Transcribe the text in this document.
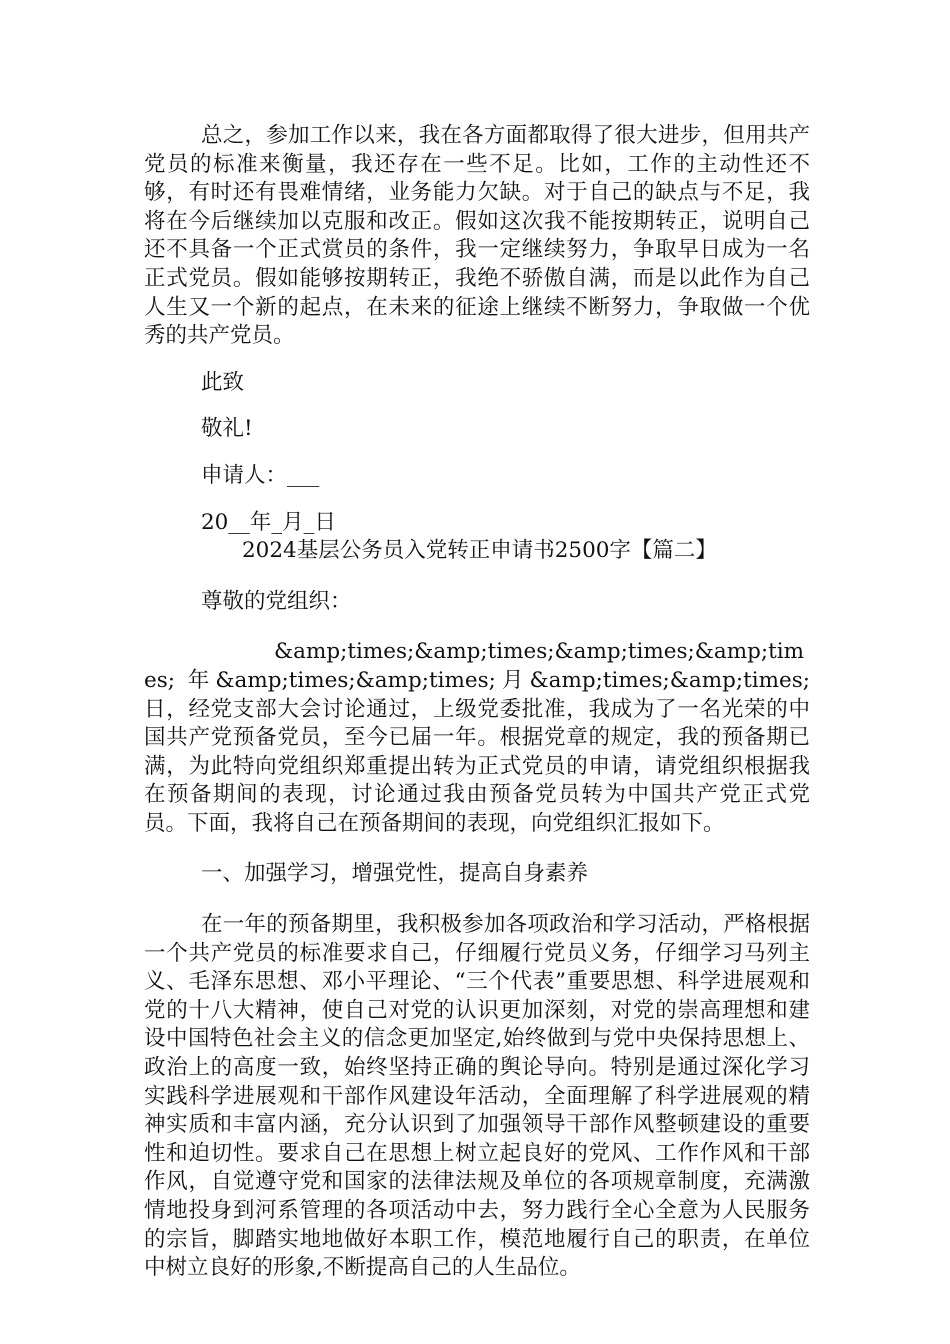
总之，参加工作以来，我在各方面都取得了很大进步，但用共产党员的标准来衡量，我还存在一些不足。比如，工作的主动性还不够，有时还有畏难情绪，业务能力欠缺。对于自己的缺点与不足，我将在今后继续加以克服和改正。假如这次我不能按期转正，说明自己还不具备一个正式赏员的条件，我一定继续努力，争取早日成为一名正式党员。假如能够按期转正，我绝不骄傲自满，而是以此作为自己人生又一个新的起点，在未来的征途上继续不断努力，争取做一个优秀的共产党员。

此致

敬礼!

申请人：___

20__年_月_日

2024基层公务员入党转正申请书2500字【篇二】

尊敬的党组织：

&amp;times;&amp;times;&amp;times;&amp;times; 年&amp;times;&amp;times;月&amp;times;&amp;times;日，经党支部大会讨论通过，上级党委批准，我成为了一名光荣的中国共产党预备党员，至今已届一年。根据党章的规定，我的预备期已满，为此特向党组织郑重提出转为正式党员的申请，请党组织根据我在预备期间的表现，讨论通过我由预备党员转为中国共产党正式党员。下面，我将自己在预备期间的表现，向党组织汇报如下。

一、加强学习，增强党性，提高自身素养

在一年的预备期里，我积极参加各项政治和学习活动，严格根据一个共产党员的标准要求自己，仔细履行党员义务，仔细学习马列主义、毛泽东思想、邓小平理论、“三个代表”重要思想、科学进展观和党的十八大精神，使自己对党的认识更加深刻，对党的崇高理想和建设中国特色社会主义的信念更加坚定,始终做到与党中央保持思想上、政治上的高度一致，始终坚持正确的舆论导向。特别是通过深化学习实践科学进展观和干部作风建设年活动，全面理解了科学进展观的精神实质和丰富内涵，充分认识到了加强领导干部作风整顿建设的重要性和迫切性。要求自己在思想上树立起良好的党风、工作作风和干部作风，自觉遵守党和国家的法律法规及单位的各项规章制度，充满激情地投身到河系管理的各项活动中去，努力践行全心全意为人民服务的宗旨，脚踏实地地做好本职工作，模范地履行自己的职责，在单位中树立良好的形象,不断提高自己的人生品位。
